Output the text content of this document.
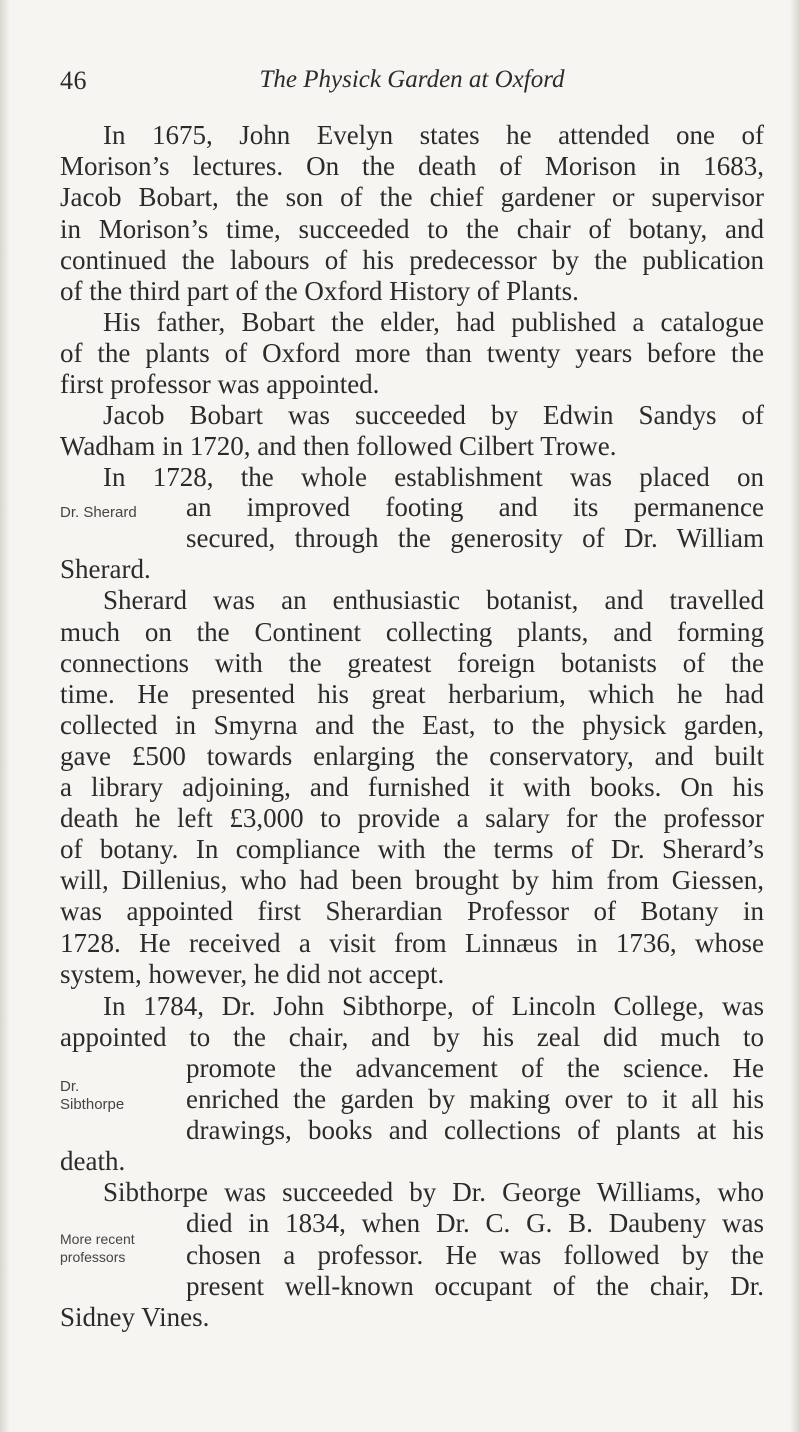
46	The Physick Garden at Oxford
In 1675, John Evelyn states he attended one of
Morison’s lectures. On the death of Morison in 1683,
Jacob Bobart, the son of the chief gardener or supervisor
in Morison’s time, succeeded to the chair of botany, and
continued the labours of his predecessor by the publication
of the third part of the Oxford History of Plants.
His father, Bobart the elder, had published a catalogue
of the plants of Oxford more than twenty years before the
first professor was appointed.
Jacob Bobart was succeeded by Edwin Sandys of
Wadham in 1720, and then followed Cilbert Trowe.
In 1728, the whole establishment was placed on
an improved footing and its permanence
secured, through the generosity of Dr. William
Sherard.
Sherard was an enthusiastic botanist, and travelled
much on the Continent collecting plants, and forming
connections with the greatest foreign botanists of the
time. He presented his great herbarium, which he had
collected in Smyrna and the East, to the physick garden,
gave £500 towards enlarging the conservatory, and built
a library adjoining, and furnished it with books. On his
death he left £3,000 to provide a salary for the professor
of botany. In compliance with the terms of Dr. Sherard’s
will, Dillenius, who had been brought by him from Giessen,
was appointed first Sherardian Professor of Botany in
1728. He received a visit from Linnæus in 1736, whose
system, however, he did not accept.
In 1784, Dr. John Sibthorpe, of Lincoln College, was
appointed to the chair, and by his zeal did much to
promote the advancement of the science. He
enriched the garden by making over to it all his
drawings, books and collections of plants at his
death.
Sibthorpe was succeeded by Dr. George Williams, who
died in 1834, when Dr. C. G. B. Daubeny was
chosen a professor. He was followed by the
present well-known occupant of the chair, Dr.
Sidney Vines.
Dr. Sherard
Dr.
Sibthorpe
More recent
professors
